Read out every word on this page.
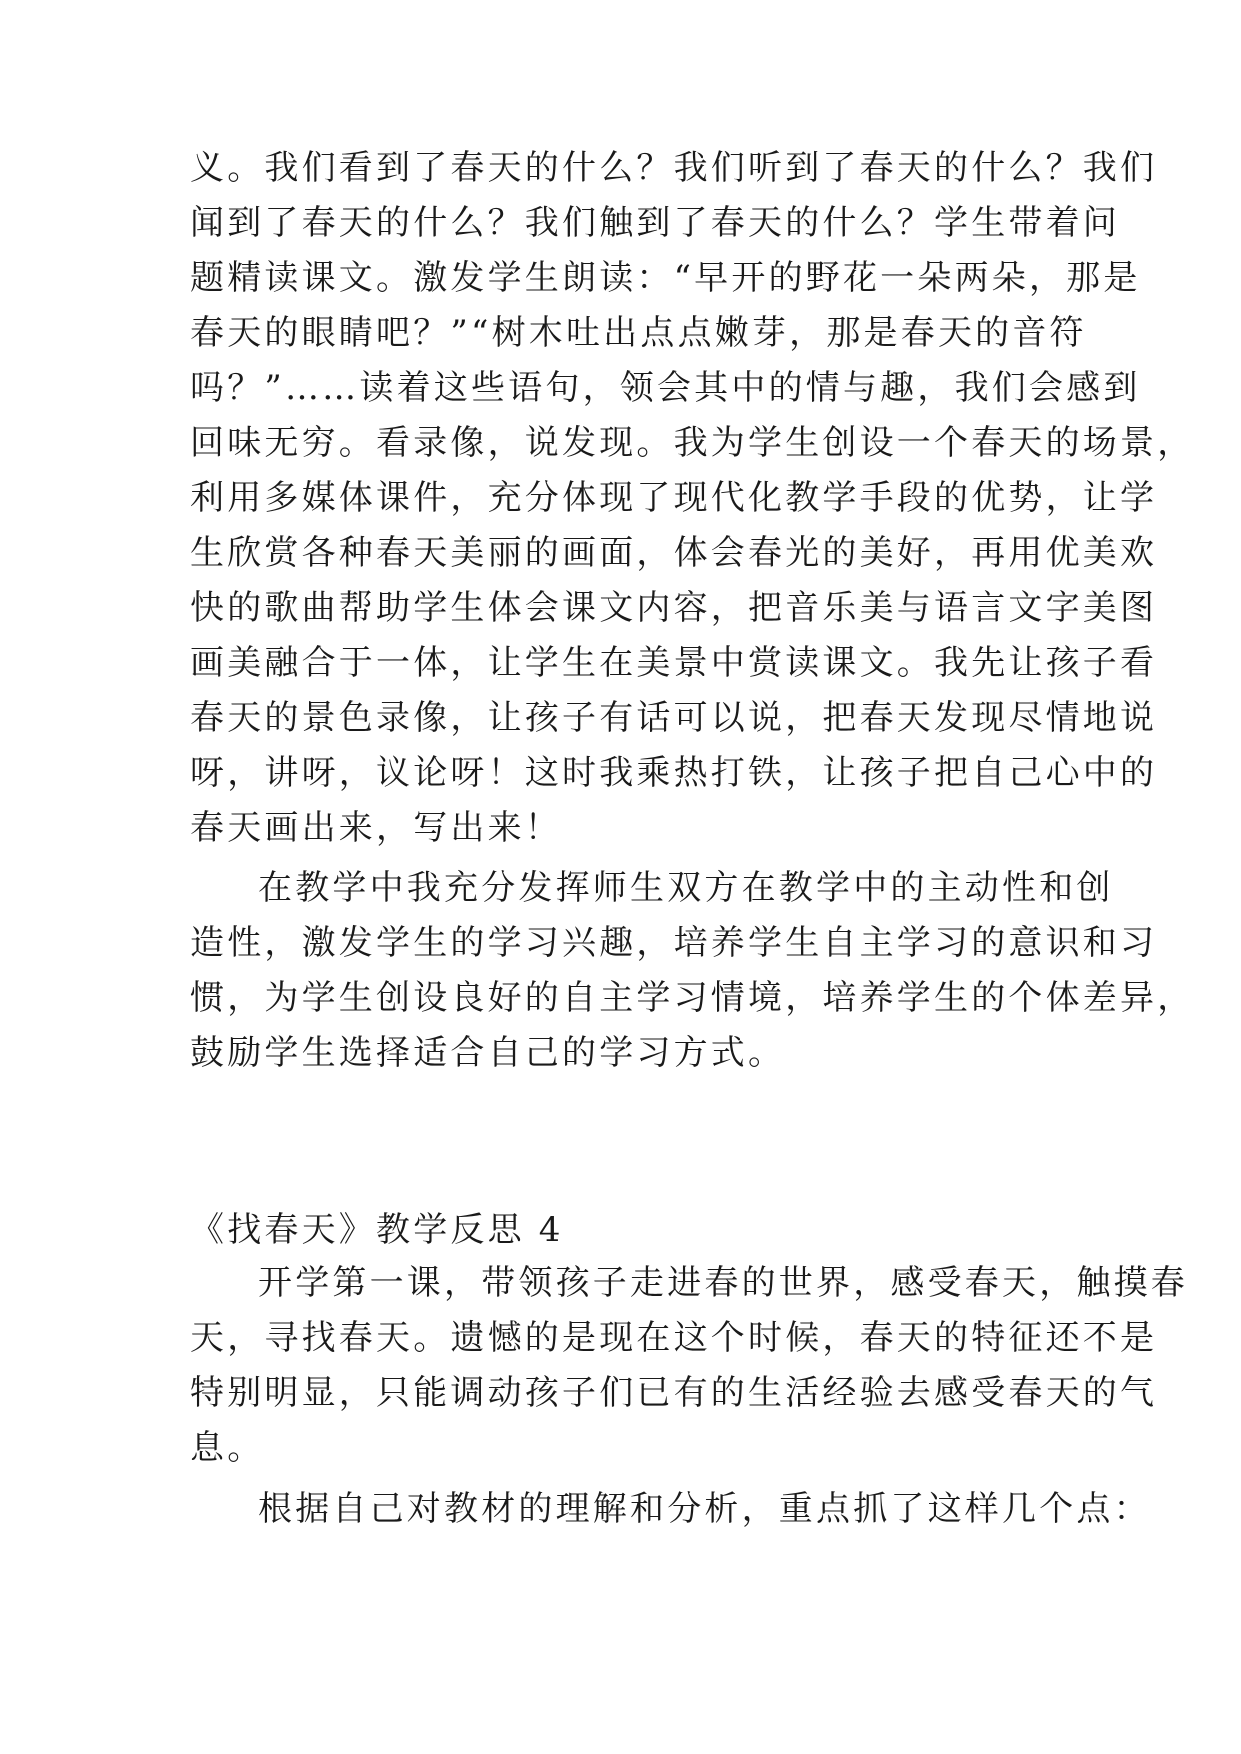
义。我们看到了春天的什么？我们听到了春天的什么？我们
闻到了春天的什么？我们触到了春天的什么？学生带着问
题精读课文。激发学生朗读：“早开的野花一朵两朵，那是
春天的眼睛吧？”“树木吐出点点嫩芽，那是春天的音符
吗？”……读着这些语句，领会其中的情与趣，我们会感到
回味无穷。看录像，说发现。我为学生创设一个春天的场景，
利用多媒体课件，充分体现了现代化教学手段的优势，让学
生欣赏各种春天美丽的画面，体会春光的美好，再用优美欢
快的歌曲帮助学生体会课文内容，把音乐美与语言文字美图
画美融合于一体，让学生在美景中赏读课文。我先让孩子看
春天的景色录像，让孩子有话可以说，把春天发现尽情地说
呀，讲呀，议论呀！这时我乘热打铁，让孩子把自己心中的
春天画出来，写出来！
在教学中我充分发挥师生双方在教学中的主动性和创
造性，激发学生的学习兴趣，培养学生自主学习的意识和习
惯，为学生创设良好的自主学习情境，培养学生的个体差异，
鼓励学生选择适合自己的学习方式。
《找春天》教学反思 4
开学第一课，带领孩子走进春的世界，感受春天，触摸春
天，寻找春天。遗憾的是现在这个时候，春天的特征还不是
特别明显，只能调动孩子们已有的生活经验去感受春天的气
息。
根据自己对教材的理解和分析，重点抓了这样几个点：
